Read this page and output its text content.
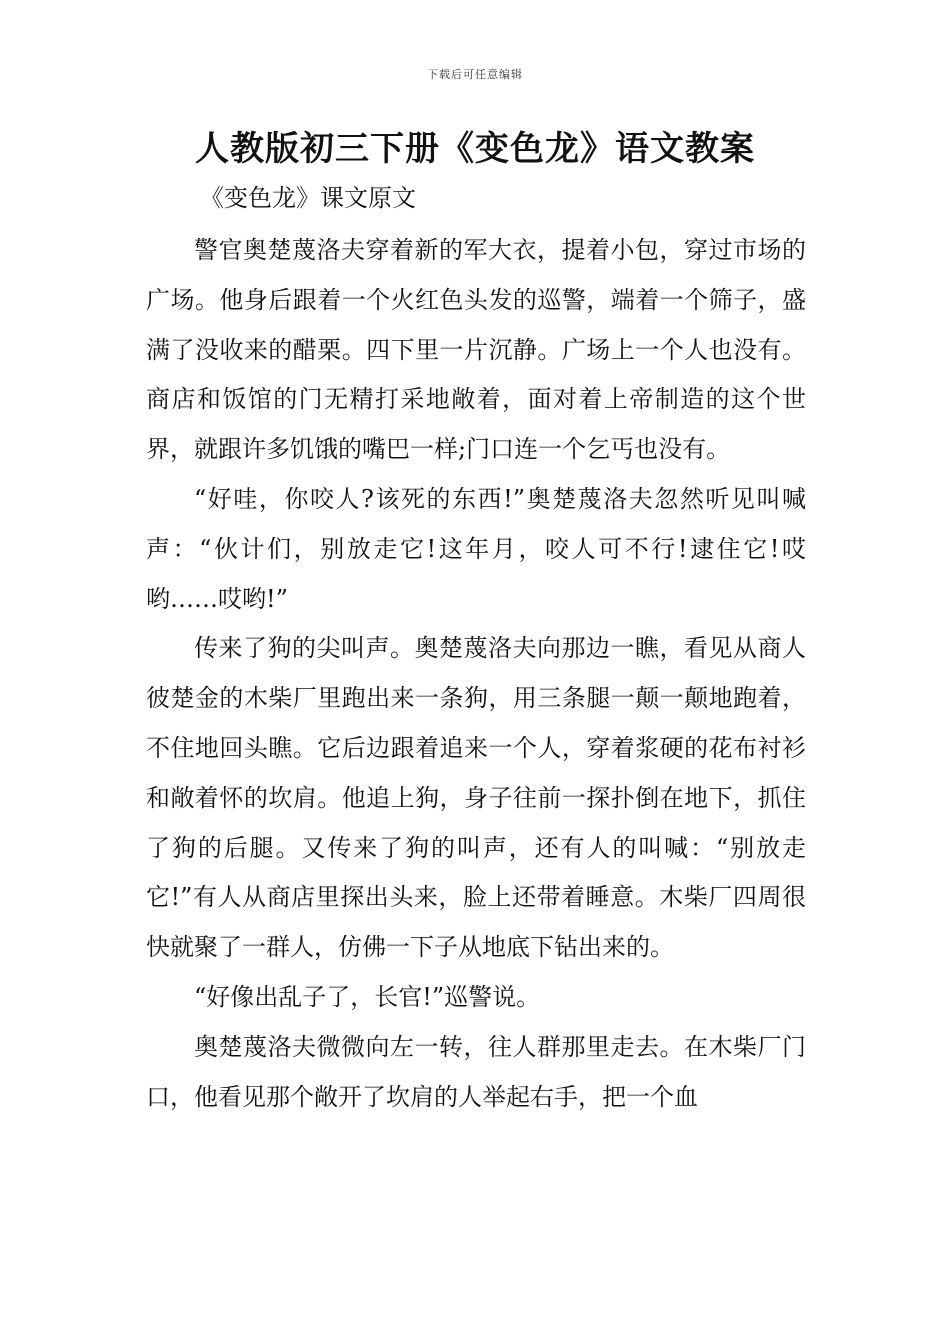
下载后可任意编辑
人教版初三下册《变色龙》语文教案
《变色龙》课文原文

警官奥楚蔑洛夫穿着新的军大衣，提着小包，穿过市场的广场。他身后跟着一个火红色头发的巡警，端着一个筛子，盛满了没收来的醋栗。四下里一片沉静。广场上一个人也没有。商店和饭馆的门无精打采地敞着，面对着上帝制造的这个世界，就跟许多饥饿的嘴巴一样;门口连一个乞丐也没有。

“好哇，你咬人?该死的东西!”奥楚蔑洛夫忽然听见叫喊声：“伙计们，别放走它!这年月，咬人可不行!逮住它!哎哟……哎哟!”

传来了狗的尖叫声。奥楚蔑洛夫向那边一瞧，看见从商人彼楚金的木柴厂里跑出来一条狗，用三条腿一颠一颠地跑着，不住地回头瞧。它后边跟着追来一个人，穿着浆硬的花布衬衫和敞着怀的坎肩。他追上狗，身子往前一探扑倒在地下，抓住了狗的后腿。又传来了狗的叫声，还有人的叫喊：“别放走它!”有人从商店里探出头来，脸上还带着睡意。木柴厂四周很快就聚了一群人，仿佛一下子从地底下钻出来的。

“好像出乱子了，长官!”巡警说。

奥楚蔑洛夫微微向左一转，往人群那里走去。在木柴厂门口，他看见那个敞开了坎肩的人举起右手，把一个血
